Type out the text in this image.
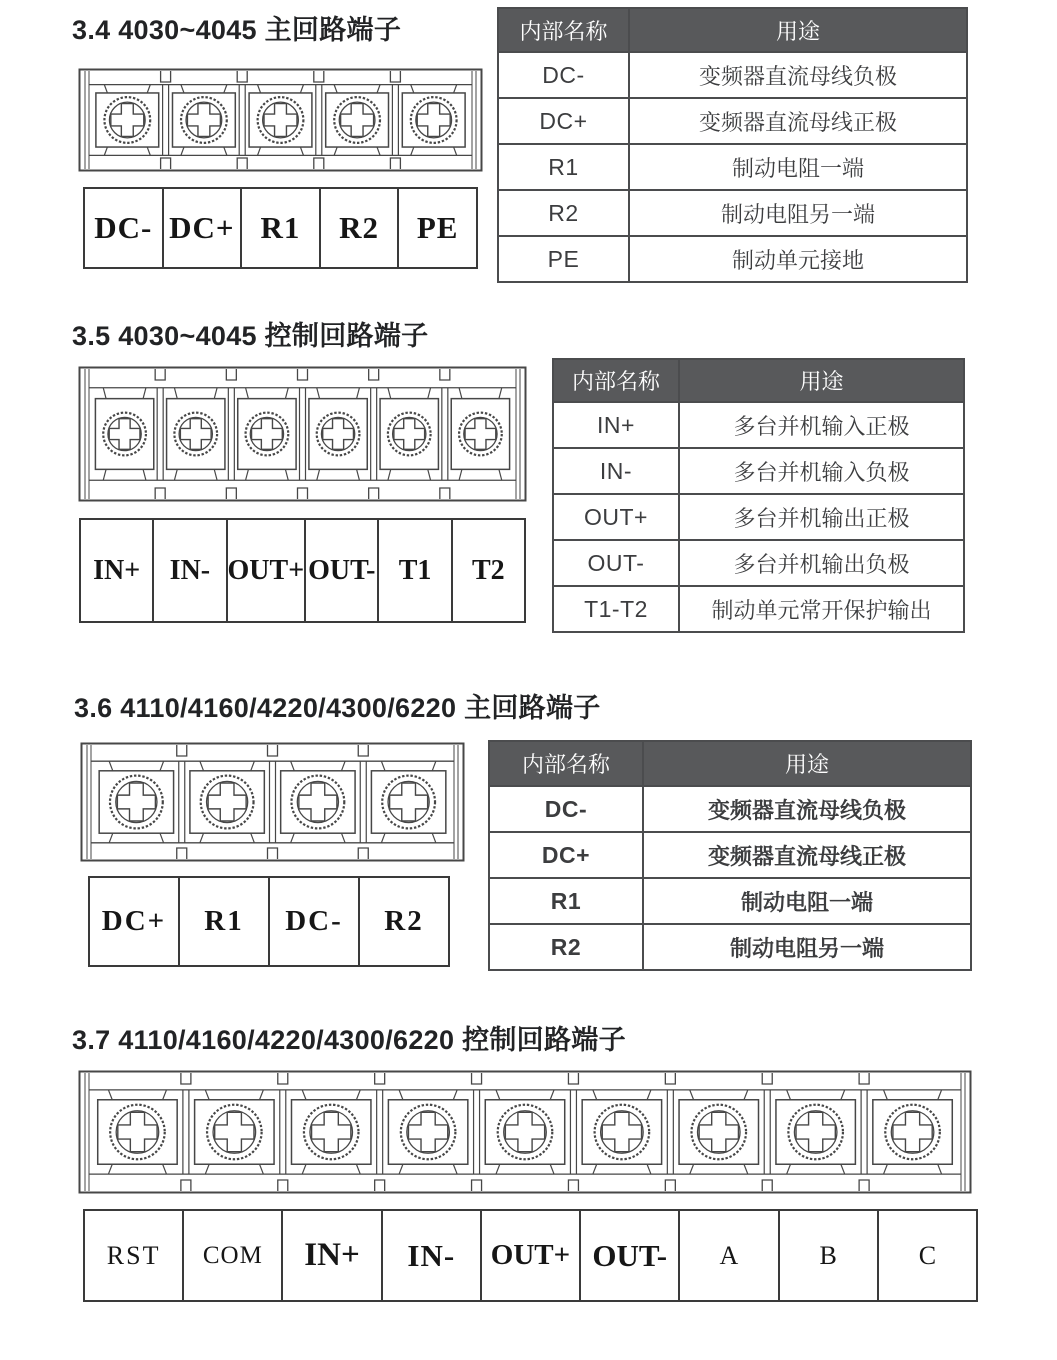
3.4 4030~4045 主回路端子
DC- DC+ R1	R2	PE
内部名称	用途
DC-	变频器直流母线负极
DC+	变频器直流母线正极
R1	制动电阻一端
R2	制动电阻另一端
PE	制动单元接地
3.5 4030~4045 控制回路端子
IN+	IN- OUT+ OUT- T1	T2
内部名称	用途
IN+	多台并机输入正极
IN-	多台并机输入负极
OUT+	多台并机输出正极
OUT-	多台并机输出负极
T1-T2	制动单元常开保护输出
3.6 4110/4160/4220/4300/6220 主回路端子
DC+	R1	DC-	R2
内部名称	用途
DC-	变频器直流母线负极
DC+	变频器直流母线正极
R1	制动电阻一端
R2	制动电阻另一端
3.7 4110/4160/4220/4300/6220 控制回路端子
RST	COM	IN+	IN-	OUT+ OUT-	A	B	C
